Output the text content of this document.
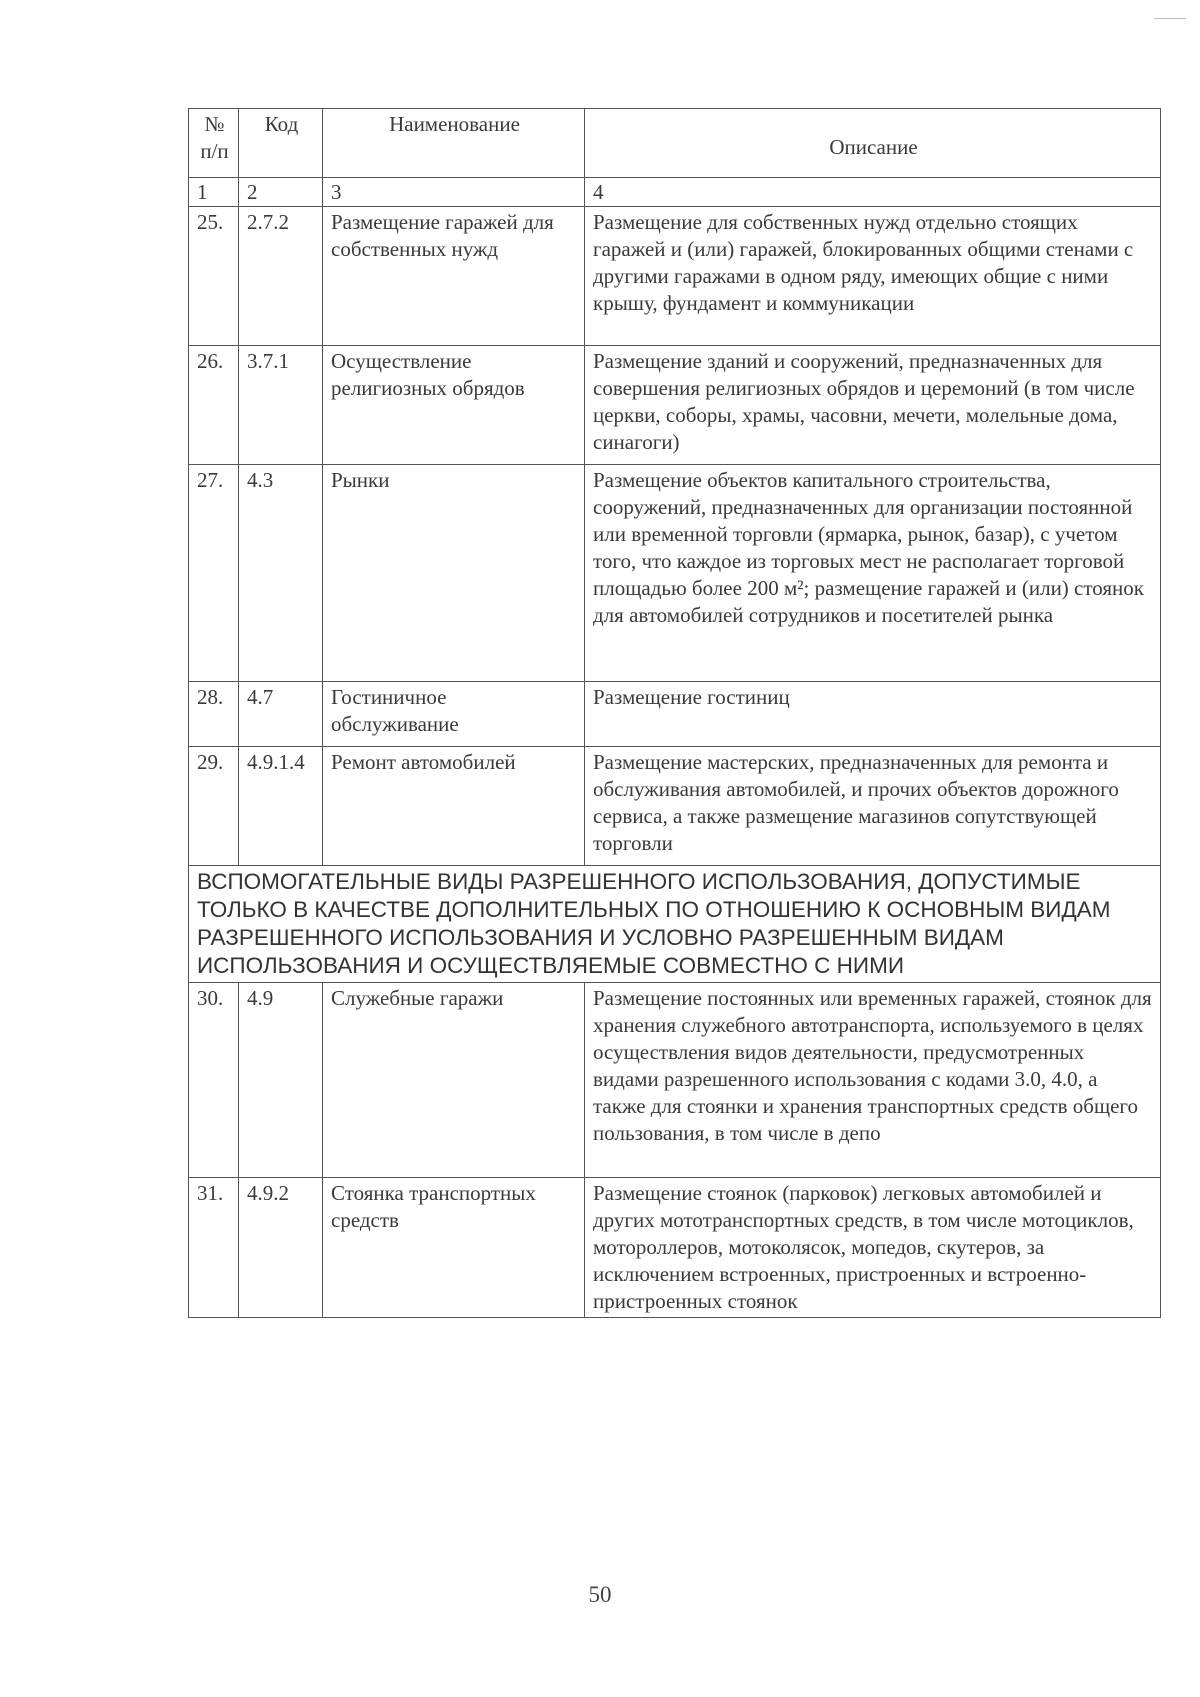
№ п/п	Код	Наименование	Описание
1	2	3	4
25.	2.7.2	Размещение гаражей для собственных нужд	Размещение для собственных нужд отдельно стоящих гаражей и (или) гаражей, блокированных общими стенами с другими гаражами в одном ряду, имеющих общие с ними крышу, фундамент и коммуникации
26.	3.7.1	Осуществление религиозных обрядов	Размещение зданий и сооружений, предназначенных для совершения религиозных обрядов и церемоний (в том числе церкви, соборы, храмы, часовни, мечети, молельные дома, синагоги)
27.	4.3	Рынки	Размещение объектов капитального строительства, сооружений, предназначенных для организации постоянной или временной торговли (ярмарка, рынок, базар), с учетом того, что каждое из торговых мест не располагает торговой площадью более 200 м²; размещение гаражей и (или) стоянок для автомобилей сотрудников и посетителей рынка
28.	4.7	Гостиничное обслуживание	Размещение гостиниц
29.	4.9.1.4	Ремонт автомобилей	Размещение мастерских, предназначенных для ремонта и обслуживания автомобилей, и прочих объектов дорожного сервиса, а также размещение магазинов сопутствующей торговли
ВСПОМОГАТЕЛЬНЫЕ ВИДЫ РАЗРЕШЕННОГО ИСПОЛЬЗОВАНИЯ, ДОПУСТИМЫЕ ТОЛЬКО В КАЧЕСТВЕ ДОПОЛНИТЕЛЬНЫХ ПО ОТНОШЕНИЮ К ОСНОВНЫМ ВИДАМ РАЗРЕШЕННОГО ИСПОЛЬЗОВАНИЯ И УСЛОВНО РАЗРЕШЕННЫМ ВИДАМ ИСПОЛЬЗОВАНИЯ И ОСУЩЕСТВЛЯЕМЫЕ СОВМЕСТНО С НИМИ			
30.	4.9	Служебные гаражи	Размещение постоянных или временных гаражей, стоянок для хранения служебного автотранспорта, используемого в целях осуществления видов деятельности, предусмотренных видами разрешенного использования с кодами 3.0, 4.0, а также для стоянки и хранения транспортных средств общего пользования, в том числе в депо
31.	4.9.2	Стоянка транспортных средств	Размещение стоянок (парковок) легковых автомобилей и других мототранспортных средств, в том числе мотоциклов, мотороллеров, мотоколясок, мопедов, скутеров, за исключением встроенных, пристроенных и встроенно-пристроенных стоянок
50
